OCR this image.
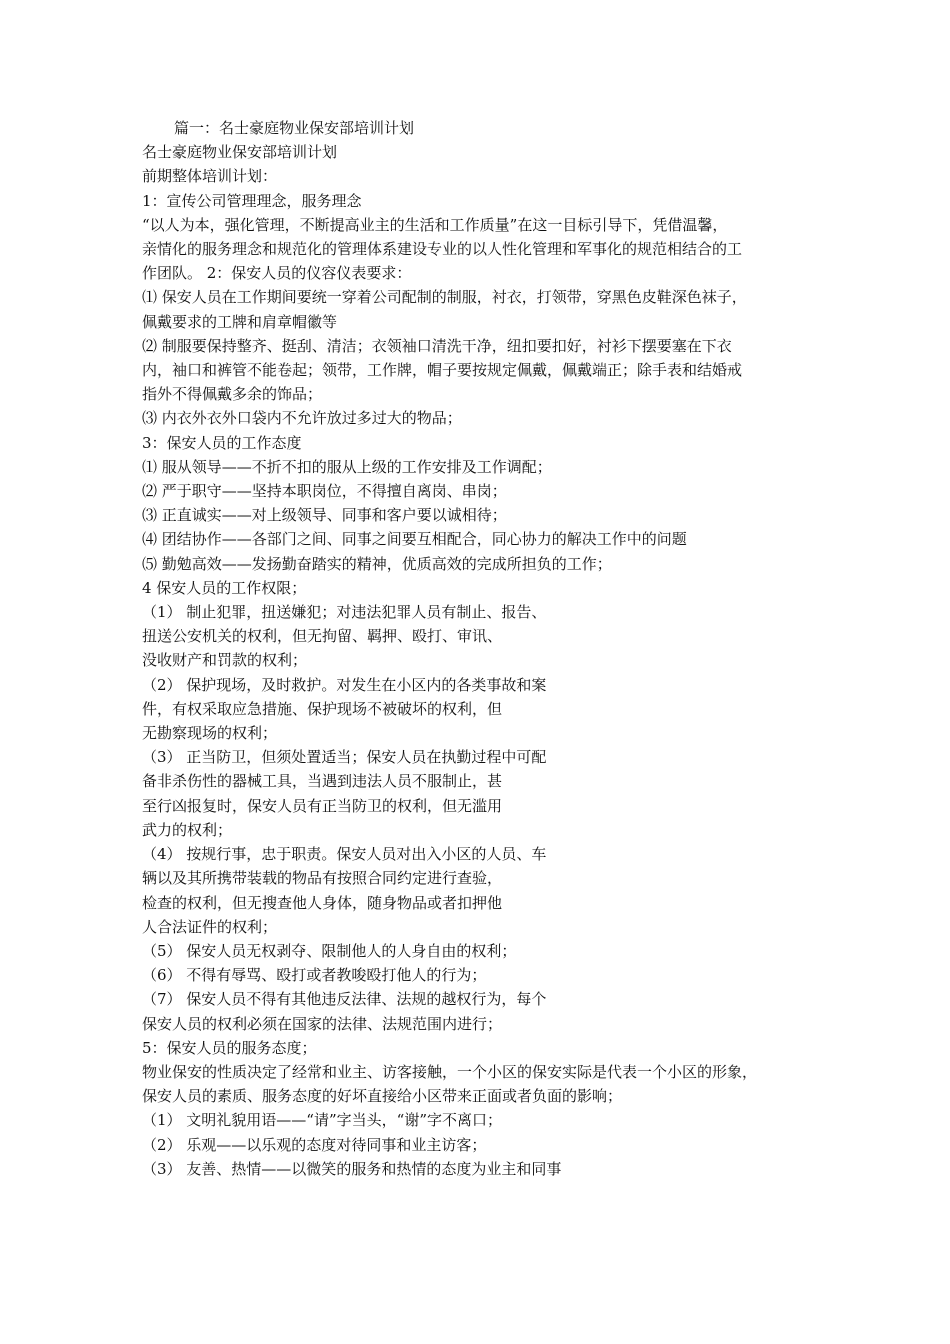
篇一：名士豪庭物业保安部培训计划
名士豪庭物业保安部培训计划
前期整体培训计划：
1：宣传公司管理理念，服务理念
“以人为本，强化管理，不断提高业主的生活和工作质量”在这一目标引导下，凭借温馨，
亲情化的服务理念和规范化的管理体系建设专业的以人性化管理和军事化的规范相结合的工
作团队。 2：保安人员的仪容仪表要求：
⑴ 保安人员在工作期间要统一穿着公司配制的制服，衬衣，打领带，穿黑色皮鞋深色袜子，
佩戴要求的工牌和肩章帽徽等
⑵ 制服要保持整齐、挺刮、清洁；衣领袖口清洗干净，纽扣要扣好，衬衫下摆要塞在下衣
内，袖口和裤管不能卷起；领带，工作牌，帽子要按规定佩戴，佩戴端正；除手表和结婚戒
指外不得佩戴多余的饰品；
⑶ 内衣外衣外口袋内不允许放过多过大的物品；
3：保安人员的工作态度
⑴ 服从领导——不折不扣的服从上级的工作安排及工作调配；
⑵ 严于职守——坚持本职岗位，不得擅自离岗、串岗；
⑶ 正直诚实——对上级领导、同事和客户要以诚相待；
⑷ 团结协作——各部门之间、同事之间要互相配合，同心协力的解决工作中的问题
⑸ 勤勉高效——发扬勤奋踏实的精神，优质高效的完成所担负的工作；
4 保安人员的工作权限；
（1） 制止犯罪，扭送嫌犯；对违法犯罪人员有制止、报告、
扭送公安机关的权利，但无拘留、羁押、殴打、审讯、
没收财产和罚款的权利；
（2） 保护现场，及时救护。对发生在小区内的各类事故和案
件，有权采取应急措施、保护现场不被破坏的权利，但
无勘察现场的权利；
（3） 正当防卫，但须处置适当；保安人员在执勤过程中可配
备非杀伤性的器械工具，当遇到违法人员不服制止，甚
至行凶报复时，保安人员有正当防卫的权利，但无滥用
武力的权利；
（4） 按规行事，忠于职责。保安人员对出入小区的人员、车
辆以及其所携带装载的物品有按照合同约定进行查验，
检查的权利，但无搜查他人身体，随身物品或者扣押他
人合法证件的权利；
（5） 保安人员无权剥夺、限制他人的人身自由的权利；
（6） 不得有辱骂、殴打或者教唆殴打他人的行为；
（7） 保安人员不得有其他违反法律、法规的越权行为，每个
保安人员的权利必须在国家的法律、法规范围内进行；
5：保安人员的服务态度；
物业保安的性质决定了经常和业主、访客接触，一个小区的保安实际是代表一个小区的形象，
保安人员的素质、服务态度的好坏直接给小区带来正面或者负面的影响；
（1） 文明礼貌用语——“请”字当头，“谢”字不离口；
（2） 乐观——以乐观的态度对待同事和业主访客；
（3） 友善、热情——以微笑的服务和热情的态度为业主和同事
